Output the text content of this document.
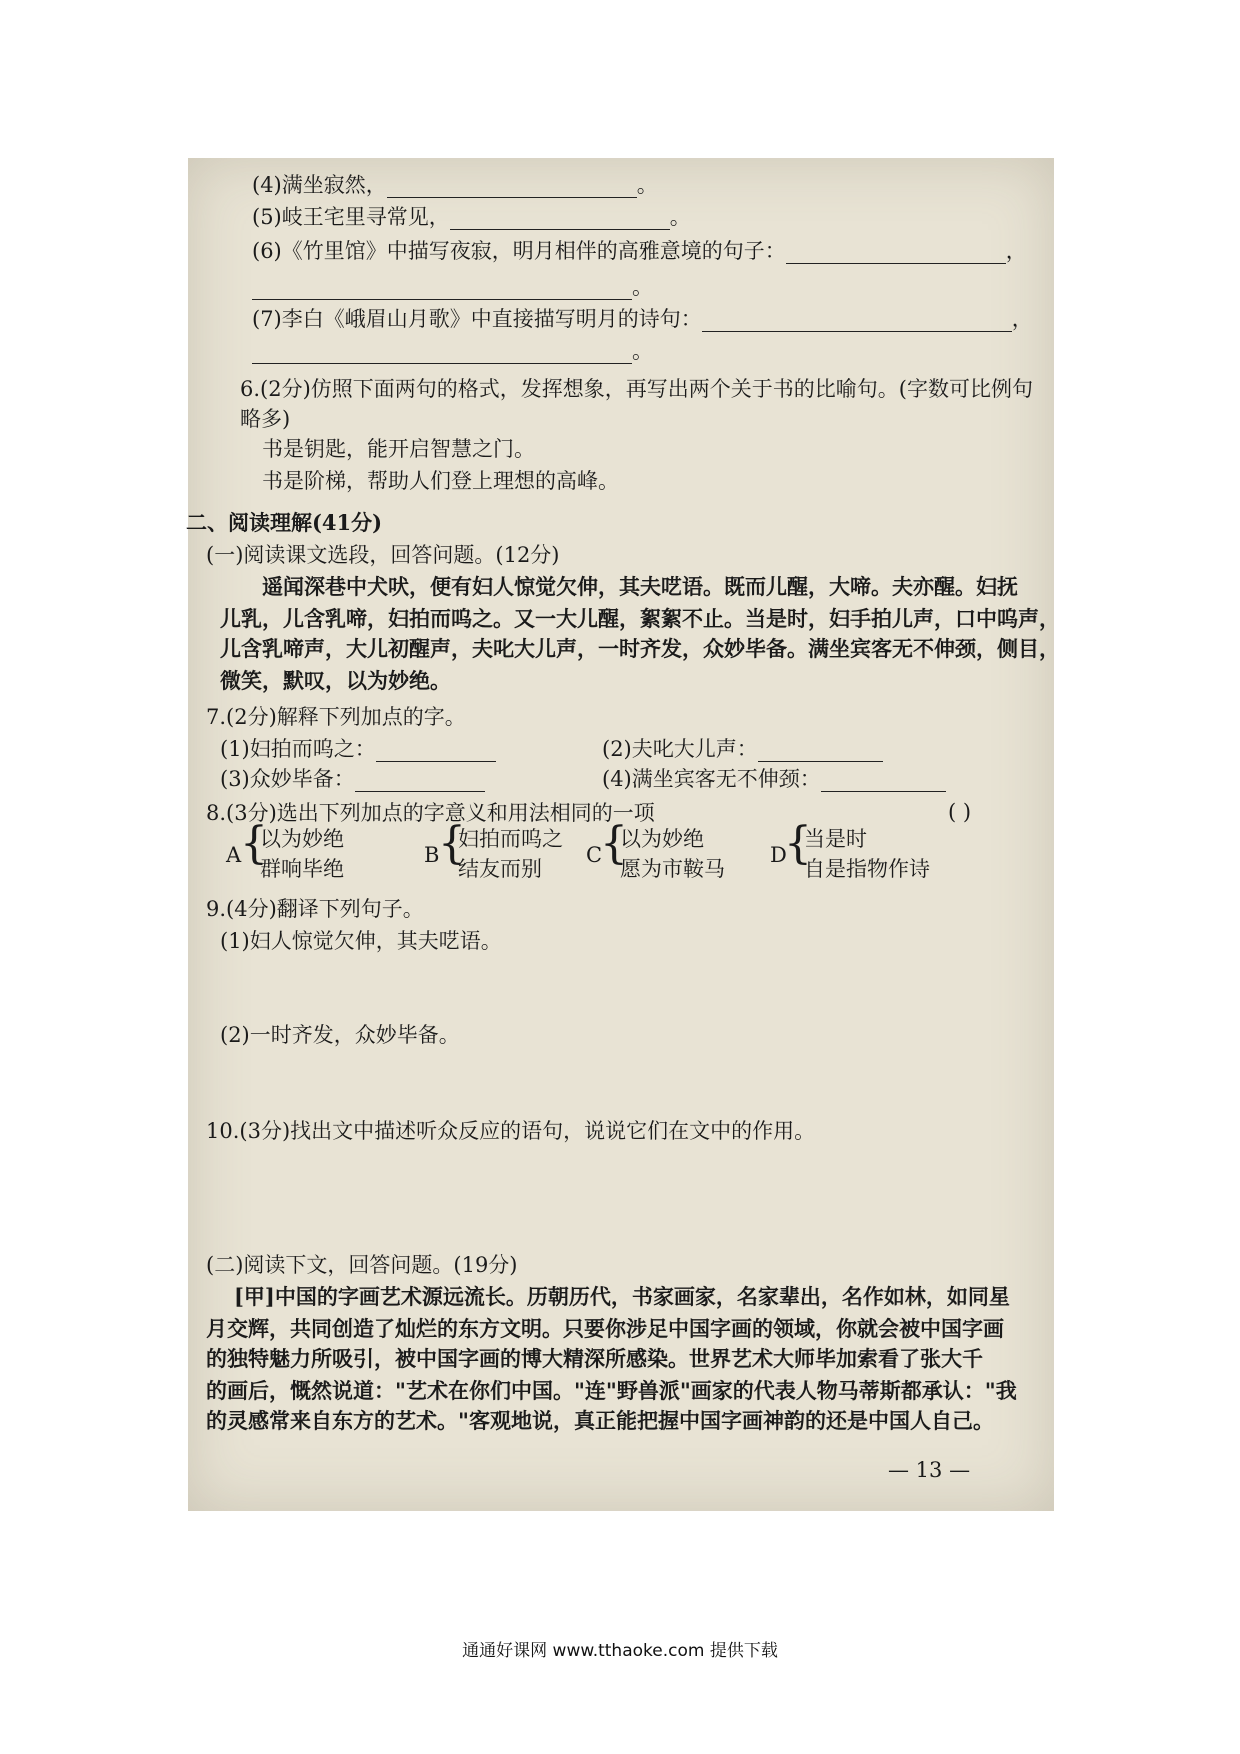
(4)满坐寂然，	。
(5)岐王宅里寻常见，	。
(6)《竹里馆》中描写夜寂，明月相伴的高雅意境的句子：	，
。
(7)李白《峨眉山月歌》中直接描写明月的诗句：	，
。
6.(2分)仿照下面两句的格式，发挥想象，再写出两个关于书的比喻句。(字数可比例句
略多)
书是钥匙，能开启智慧之门。
书是阶梯，帮助人们登上理想的高峰。
二、阅读理解(41分)
(一)阅读课文选段，回答问题。(12分)
遥闻深巷中犬吠，便有妇人惊觉欠伸，其夫呓语。既而儿醒，大啼。夫亦醒。妇抚
儿乳，儿含乳啼，妇拍而呜之。又一大儿醒，絮絮不止。当是时，妇手拍儿声，口中呜声，
儿含乳啼声，大儿初醒声，夫叱大儿声，一时齐发，众妙毕备。满坐宾客无不伸颈，侧目，
微笑，默叹，以为妙绝。
7.(2分)解释下列加点的字。
(1)妇拍而呜之：	(2)夫叱大儿声：
(3)众妙毕备：	(4)满坐宾客无不伸颈：
8.(3分)选出下列加点的字意义和用法相同的一项	( )
A
{
以为妙绝
群响毕绝
B
{
妇拍而呜之
结友而别
C
{
以为妙绝
愿为市鞍马
D
{
当是时
自是指物作诗
9.(4分)翻译下列句子。
(1)妇人惊觉欠伸，其夫呓语。
(2)一时齐发，众妙毕备。
10.(3分)找出文中描述听众反应的语句，说说它们在文中的作用。
(二)阅读下文，回答问题。(19分)
[甲]中国的字画艺术源远流长。历朝历代，书家画家，名家辈出，名作如林，如同星
月交辉，共同创造了灿烂的东方文明。只要你涉足中国字画的领域，你就会被中国字画
的独特魅力所吸引，被中国字画的博大精深所感染。世界艺术大师毕加索看了张大千
的画后，慨然说道："艺术在你们中国。"连"野兽派"画家的代表人物马蒂斯都承认："我
的灵感常来自东方的艺术。"客观地说，真正能把握中国字画神韵的还是中国人自己。
— 13 —
通通好课网 www.tthaoke.com 提供下载
